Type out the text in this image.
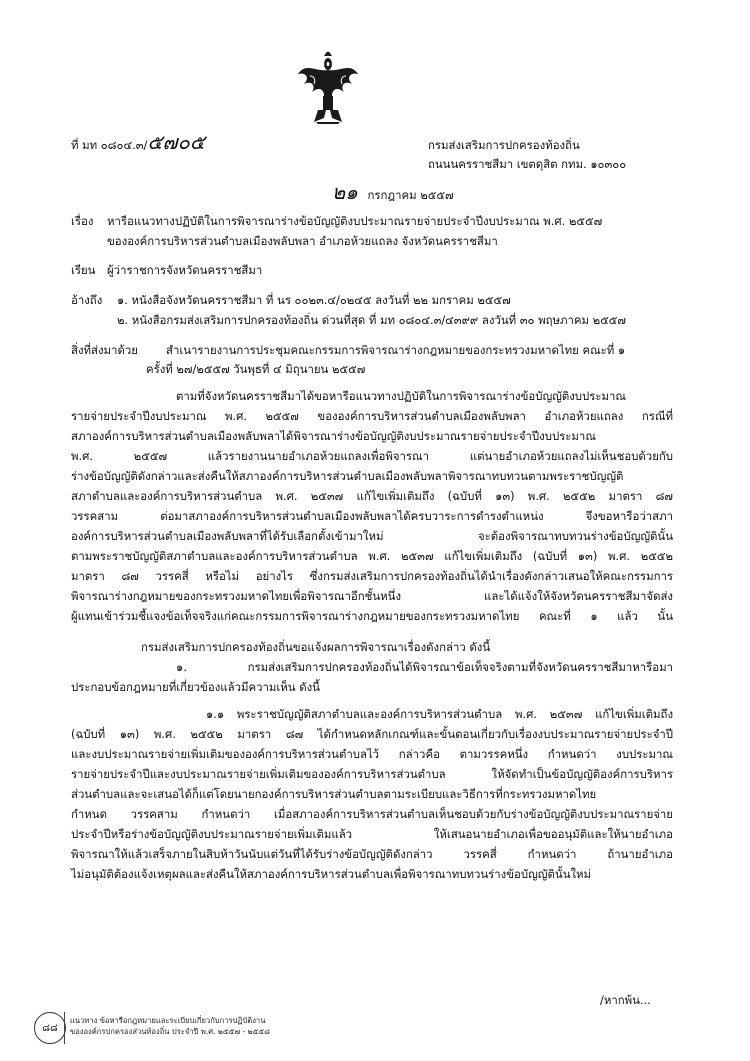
ที่ มท ๐๘๐๔.๓/๕๗๐๕	กรมส่งเสริมการปกครองท้องถิ่น
ถนนนครราชสีมา เขตดุสิต กทม. ๑๐๓๐๐
๒๑ กรกฎาคม ๒๕๕๗
เรื่อง หารือแนวทางปฏิบัติในการพิจารณาร่างข้อบัญญัติงบประมาณรายจ่ายประจำปีงบประมาณ พ.ศ. ๒๕๕๗
ขององค์การบริหารส่วนตำบลเมืองพลับพลา อำเภอห้วยแถลง จังหวัดนครราชสีมา
เรียน ผู้ว่าราชการจังหวัดนครราชสีมา
อ้างถึง ๑. หนังสือจังหวัดนครราชสีมา ที่ นร ๐๐๒๓.๔/๐๒๔๕ ลงวันที่ ๒๒ มกราคม ๒๕๕๗
๒. หนังสือกรมส่งเสริมการปกครองท้องถิ่น ด่วนที่สุด ที่ มท ๐๘๐๔.๓/๔๓๙๙ ลงวันที่ ๓๐ พฤษภาคม ๒๕๕๗
สิ่งที่ส่งมาด้วย สำเนารายงานการประชุมคณะกรรมการพิจารณาร่างกฎหมายของกระทรวงมหาดไทย คณะที่ ๑
ครั้งที่ ๒๗/๒๕๕๗ วันพุธที่ ๔ มิถุนายน ๒๕๕๗
ตามที่จังหวัดนครราชสีมาได้ขอหารือแนวทางปฏิบัติในการพิจารณาร่างข้อบัญญัติงบประมาณ
รายจ่ายประจำปีงบประมาณ พ.ศ. ๒๕๕๗ ขององค์การบริหารส่วนตำบลเมืองพลับพลา อำเภอห้วยแถลง กรณีที่
สภาองค์การบริหารส่วนตำบลเมืองพลับพลาได้พิจารณาร่างข้อบัญญัติงบประมาณรายจ่ายประจำปีงบประมาณ
พ.ศ. ๒๕๕๗ แล้วรายงานนายอำเภอห้วยแถลงเพื่อพิจารณา แต่นายอำเภอห้วยแถลงไม่เห็นชอบด้วยกับ
ร่างข้อบัญญัติดังกล่าวและส่งคืนให้สภาองค์การบริหารส่วนตำบลเมืองพลับพลาพิจารณาทบทวนตามพระราชบัญญัติ
สภาตำบลและองค์การบริหารส่วนตำบล พ.ศ. ๒๕๓๗ แก้ไขเพิ่มเติมถึง (ฉบับที่ ๑๓) พ.ศ. ๒๕๕๒ มาตรา ๘๗
วรรคสาม ต่อมาสภาองค์การบริหารส่วนตำบลเมืองพลับพลาได้ครบวาระการดำรงตำแหน่ง จึงขอหารือว่าสภา
องค์การบริหารส่วนตำบลเมืองพลับพลาที่ได้รับเลือกตั้งเข้ามาใหม่ จะต้องพิจารณาทบทวนร่างข้อบัญญัตินั้น
ตามพระราชบัญญัติสภาตำบลและองค์การบริหารส่วนตำบล พ.ศ. ๒๕๓๗ แก้ไขเพิ่มเติมถึง (ฉบับที่ ๑๓) พ.ศ. ๒๕๕๒
มาตรา ๘๗ วรรคสี่ หรือไม่ อย่างไร ซึ่งกรมส่งเสริมการปกครองท้องถิ่นได้นำเรื่องดังกล่าวเสนอให้คณะกรรมการ
พิจารณาร่างกฎหมายของกระทรวงมหาดไทยเพื่อพิจารณาอีกชั้นหนึ่ง และได้แจ้งให้จังหวัดนครราชสีมาจัดส่ง
ผู้แทนเข้าร่วมชี้แจงข้อเท็จจริงแก่คณะกรรมการพิจารณาร่างกฎหมายของกระทรวงมหาดไทย คณะที่ ๑ แล้ว นั้น
กรมส่งเสริมการปกครองท้องถิ่นขอแจ้งผลการพิจารณาเรื่องดังกล่าว ดังนี้
๑. กรมส่งเสริมการปกครองท้องถิ่นได้พิจารณาข้อเท็จจริงตามที่จังหวัดนครราชสีมาหารือมา
ประกอบข้อกฎหมายที่เกี่ยวข้องแล้วมีความเห็น ดังนี้
๑.๑ พระราชบัญญัติสภาตำบลและองค์การบริหารส่วนตำบล พ.ศ. ๒๕๓๗ แก้ไขเพิ่มเติมถึง
(ฉบับที่ ๑๓) พ.ศ. ๒๕๕๒ มาตรา ๘๗ ได้กำหนดหลักเกณฑ์และขั้นตอนเกี่ยวกับเรื่องงบประมาณรายจ่ายประจำปี
และงบประมาณรายจ่ายเพิ่มเติมขององค์การบริหารส่วนตำบลไว้ กล่าวคือ ตามวรรคหนึ่ง กำหนดว่า งบประมาณ
รายจ่ายประจำปีและงบประมาณรายจ่ายเพิ่มเติมขององค์การบริหารส่วนตำบล ให้จัดทำเป็นข้อบัญญัติองค์การบริหาร
ส่วนตำบลและจะเสนอได้ก็แต่โดยนายกองค์การบริหารส่วนตำบลตามระเบียบและวิธีการที่กระทรวงมหาดไทย
กำหนด วรรคสาม กำหนดว่า เมื่อสภาองค์การบริหารส่วนตำบลเห็นชอบด้วยกับร่างข้อบัญญัติงบประมาณรายจ่าย
ประจำปีหรือร่างข้อบัญญัติงบประมาณรายจ่ายเพิ่มเติมแล้ว ให้เสนอนายอำเภอเพื่อขออนุมัติและให้นายอำเภอ
พิจารณาให้แล้วเสร็จภายในสิบห้าวันนับแต่วันที่ได้รับร่างข้อบัญญัติดังกล่าว วรรคสี่ กำหนดว่า ถ้านายอำเภอ
ไม่อนุมัติต้องแจ้งเหตุผลและส่งคืนให้สภาองค์การบริหารส่วนตำบลเพื่อพิจารณาทบทวนร่างข้อบัญญัตินั้นใหม่
/หากพ้น...
๘๘
แนวทาง ข้อหารือกฎหมายและระเบียบเกี่ยวกับการปฏิบัติงาน
ขององค์กรปกครองส่วนท้องถิ่น ประจำปี พ.ศ. ๒๕๕๗ - ๒๕๕๘
